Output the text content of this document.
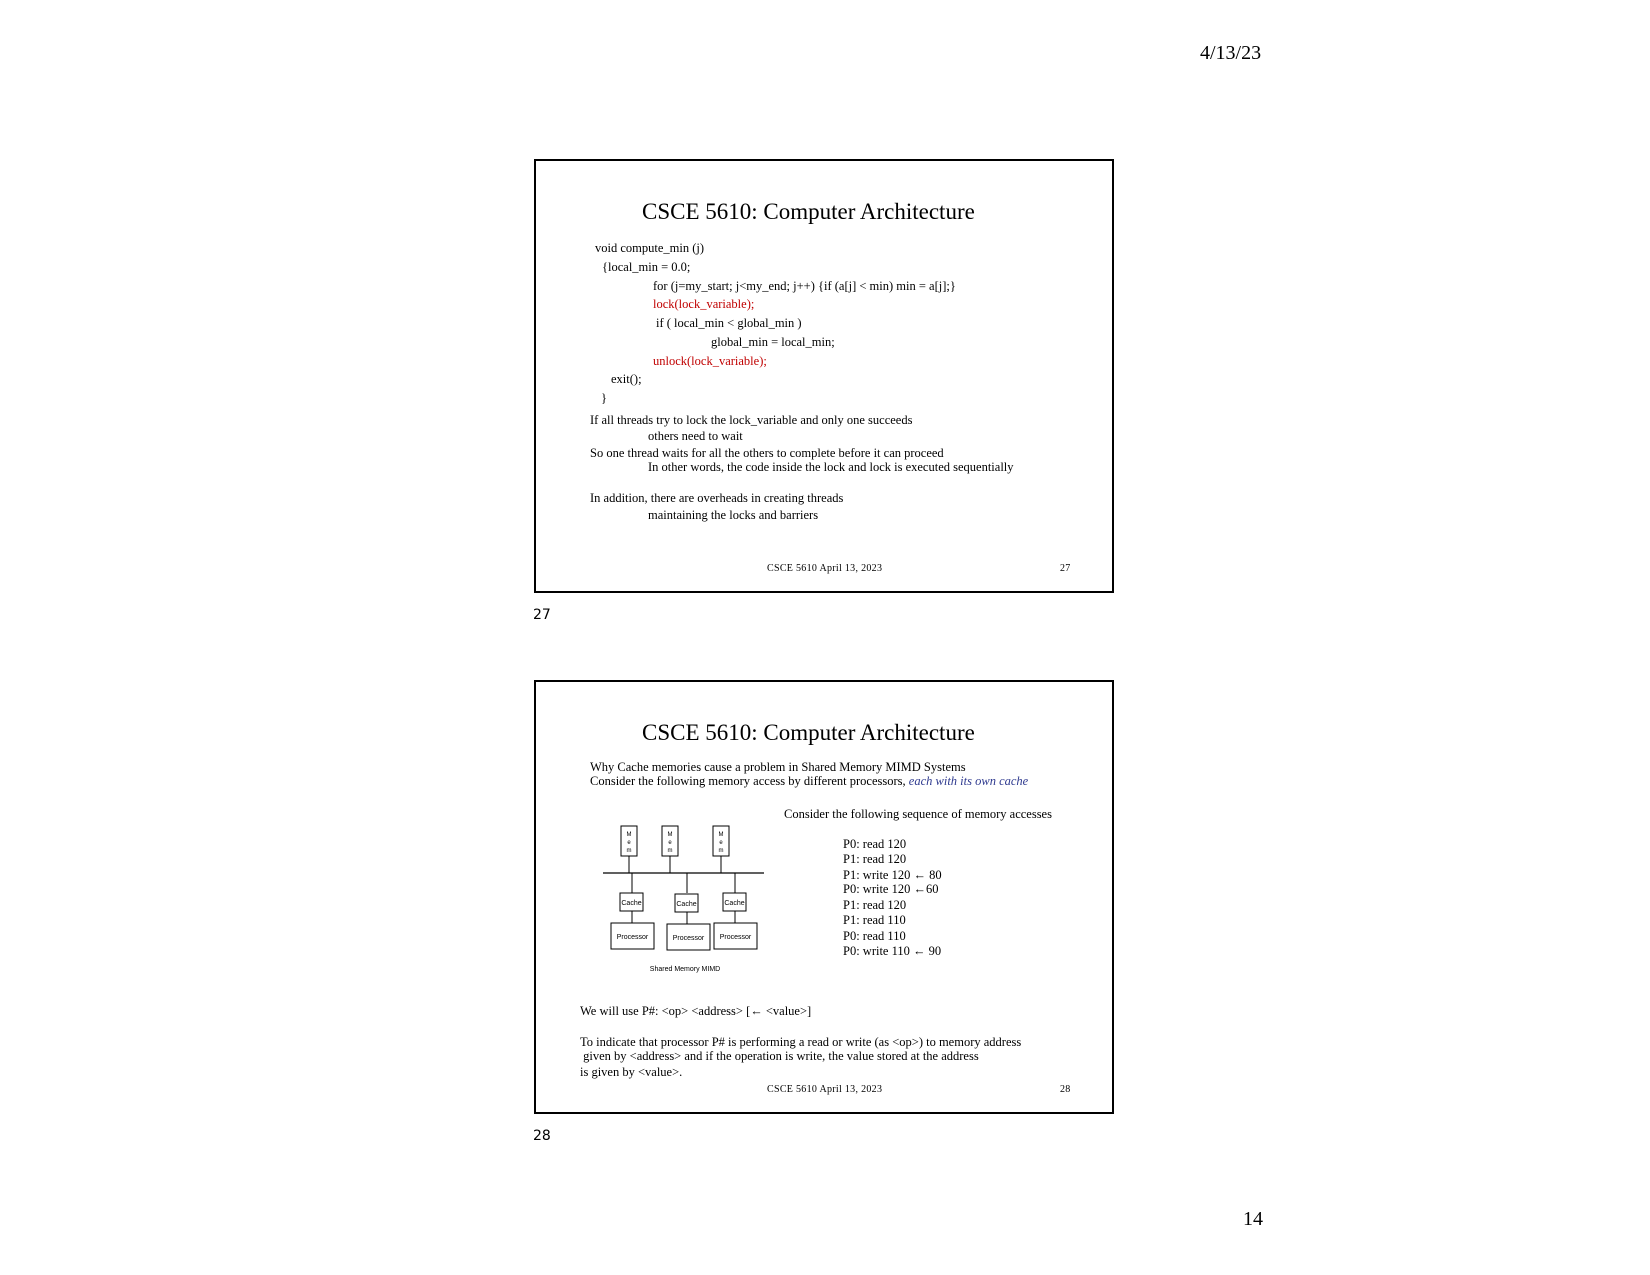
4/13/23
CSCE 5610: Computer Architecture
void compute_min (j)
{local_min = 0.0;
for (j=my_start; j<my_end; j++) {if (a[j] < min) min = a[j];}
lock(lock_variable);
if ( local_min < global_min )
global_min = local_min;
unlock(lock_variable);
exit();
}
If all threads try to lock the lock_variable and only one succeeds
others need to wait
So one thread waits for all the others to complete before it can proceed
In other words, the code inside the lock and lock is executed sequentially
In addition, there are overheads in creating threads
maintaining the locks and barriers
CSCE 5610 April 13, 2023	27
27
CSCE 5610: Computer Architecture
Why Cache memories cause a problem in Shared Memory MIMD Systems
Consider the following memory access by different processors, each with its own cache
M
e
m
M
e
m
M
e
m
Cache	Cache	Cache
Processor	Processor Processor
Shared Memory MIMD
Consider the following sequence of memory accesses
P0: read 120
P1: read 120
P1: write 120 ← 80
P0: write 120 ←60
P1: read 120
P1: read 110
P0: read 110
P0: write 110 ← 90
We will use P#: <op> <address> [← <value>]
To indicate that processor P# is performing a read or write (as <op>) to memory address
given by <address> and if the operation is write, the value stored at the address
is given by <value>.
CSCE 5610 April 13, 2023	28
28
14
